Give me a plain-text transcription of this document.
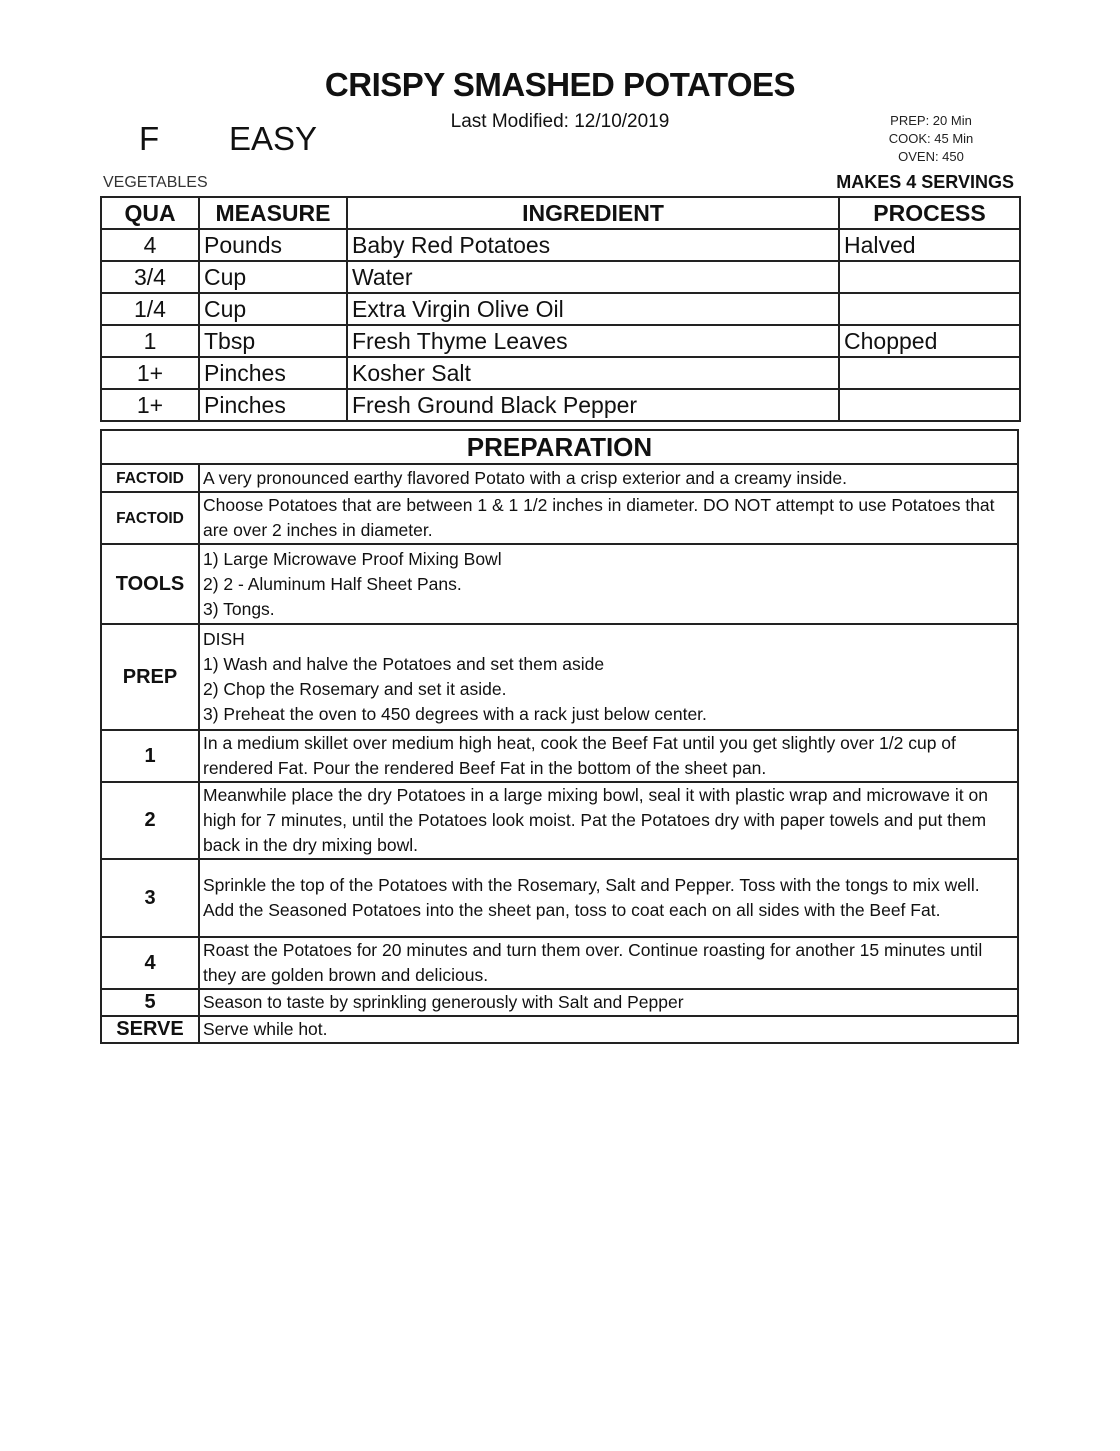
CRISPY SMASHED POTATOES
Last Modified: 12/10/2019
F EASY	PREP: 20 Min
COOK: 45 Min
OVEN: 450
VEGETABLES	MAKES 4 SERVINGS
QUA	MEASURE	INGREDIENT	PROCESS
4	Pounds	Baby Red Potatoes	Halved
3/4	Cup	Water	
1/4	Cup	Extra Virgin Olive Oil	
1	Tbsp	Fresh Thyme Leaves	Chopped
1+	Pinches	Kosher Salt	
1+	Pinches	Fresh Ground Black Pepper	
PREPARATION	
FACTOID	A very pronounced earthy flavored Potato with a crisp exterior and a creamy inside.

FACTOID	Choose Potatoes that are between 1 & 1 1/2 inches in diameter. DO NOT attempt to use Potatoes that are over 2 inches in diameter.

TOOLS	1) Large Microwave Proof Mixing Bowl
2) 2 - Aluminum Half Sheet Pans.
3) Tongs.

PREP	DISH
1) Wash and halve the Potatoes and set them aside
2) Chop the Rosemary and set it aside.
3) Preheat the oven to 450 degrees with a rack just below center.

1	In a medium skillet over medium high heat, cook the Beef Fat until you get slightly over 1/2 cup of rendered Fat. Pour the rendered Beef Fat in the bottom of the sheet pan.

2	Meanwhile place the dry Potatoes in a large mixing bowl, seal it with plastic wrap and microwave it on high for 7 minutes, until the Potatoes look moist. Pat the Potatoes dry with paper towels and put them back in the dry mixing bowl.

3	Sprinkle the top of the Potatoes with the Rosemary, Salt and Pepper. Toss with the tongs to mix well. Add the Seasoned Potatoes into the sheet pan, toss to coat each on all sides with the Beef Fat.

4	Roast the Potatoes for 20 minutes and turn them over. Continue roasting for another 15 minutes until they are golden brown and delicious.

5	Season to taste by sprinkling generously with Salt and Pepper

SERVE	Serve while hot.
